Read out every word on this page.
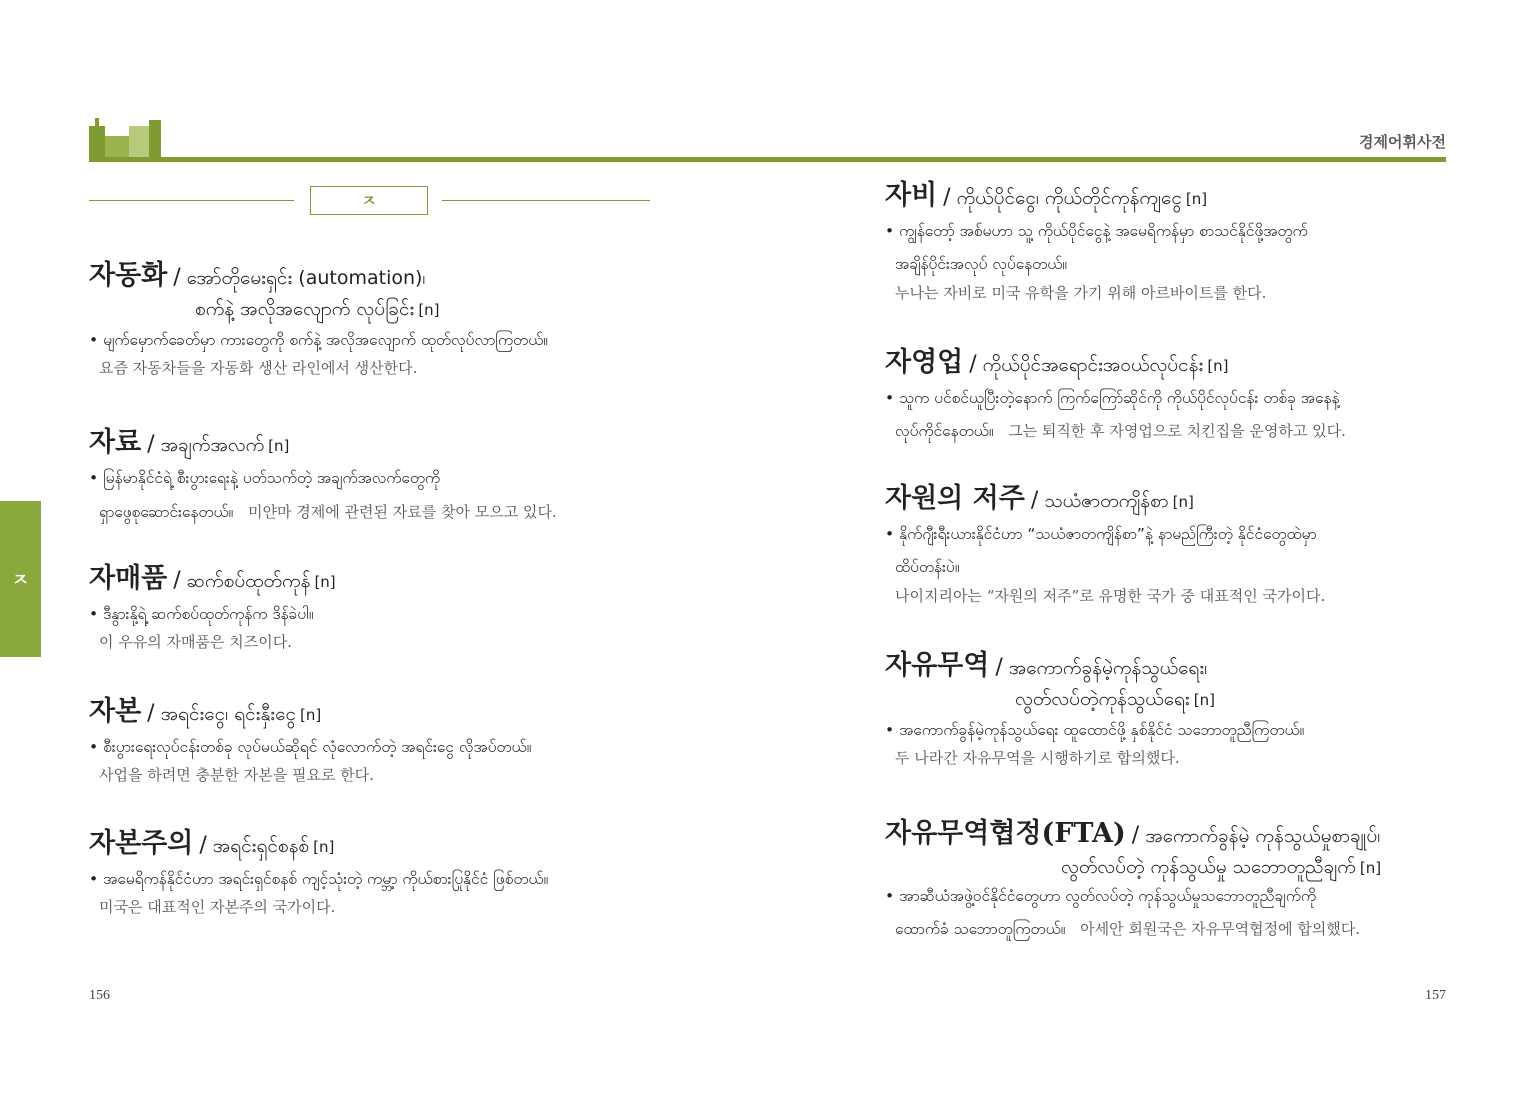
경제어휘사전
ㅈ
ㅈ
자동화 / အော်တိုမေးရှင်း (automation)၊
စက်နဲ့ အလိုအလျောက် လုပ်ခြင်း [n]
• မျက်မှောက်ခေတ်မှာ ကားတွေကို စက်နဲ့ အလိုအလျောက် ထုတ်လုပ်လာကြတယ်။
요즘 자동차들을 자동화 생산 라인에서 생산한다.
자료 / အချက်အလက် [n]
• မြန်မာနိုင်ငံရဲ့ စီးပွားရေးနဲ့ ပတ်သက်တဲ့ အချက်အလက်တွေကို
ရှာဖွေစုဆောင်းနေတယ်။ 미얀마 경제에 관련된 자료를 찾아 모으고 있다.
자매품 / ဆက်စပ်ထုတ်ကုန် [n]
• ဒီနွားနို့ရဲ့ ဆက်စပ်ထုတ်ကုန်က ဒိန်ခဲပါ။
이 우유의 자매품은 치즈이다.
자본 / အရင်းငွေ၊ ရင်းနှီးငွေ [n]
• စီးပွားရေးလုပ်ငန်းတစ်ခု လုပ်မယ်ဆိုရင် လုံလောက်တဲ့ အရင်းငွေ လိုအပ်တယ်။
사업을 하려면 충분한 자본을 필요로 한다.
자본주의 / အရင်းရှင်စနစ် [n]
• အမေရိကန်နိုင်ငံဟာ အရင်းရှင်စနစ် ကျင့်သုံးတဲ့ ကမ္ဘာ့ ကိုယ်စားပြုနိုင်ငံ ဖြစ်တယ်။
미국은 대표적인 자본주의 국가이다.
자비 / ကိုယ်ပိုင်ငွေ၊ ကိုယ်တိုင်ကုန်ကျငွေ [n]
• ကျွန်တော့် အစ်မဟာ သူ့ ကိုယ်ပိုင်ငွေနဲ့ အမေရိကန်မှာ စာသင်နိုင်ဖို့အတွက်
အချိန်ပိုင်းအလုပ် လုပ်နေတယ်။
누나는 자비로 미국 유학을 가기 위해 아르바이트를 한다.
자영업 / ကိုယ်ပိုင်အရောင်းအဝယ်လုပ်ငန်း [n]
• သူက ပင်စင်ယူပြီးတဲ့နောက် ကြက်ကြော်ဆိုင်ကို ကိုယ်ပိုင်လုပ်ငန်း တစ်ခု အနေနဲ့
လုပ်ကိုင်နေတယ်။ 그는 퇴직한 후 자영업으로 치킨집을 운영하고 있다.
자원의 저주 / သယံဇာတကျိန်စာ [n]
• နိုက်ဂျီးရီးယားနိုင်ငံဟာ “သယံဇာတကျိန်စာ”နဲ့ နာမည်ကြီးတဲ့ နိုင်ငံတွေထဲမှာ
ထိပ်တန်းပဲ။
나이지리아는 “자원의 저주”로 유명한 국가 중 대표적인 국가이다.
자유무역 / အကောက်ခွန်မဲ့ကုန်သွယ်ရေး၊
လွတ်လပ်တဲ့ကုန်သွယ်ရေး [n]
• အကောက်ခွန်မဲ့ကုန်သွယ်ရေး ထူထောင်ဖို့ နှစ်နိုင်ငံ သဘောတူညီကြတယ်။
두 나라간 자유무역을 시행하기로 합의했다.
자유무역협정(FTA) / အကောက်ခွန်မဲ့ ကုန်သွယ်မှုစာချုပ်၊
လွတ်လပ်တဲ့ ကုန်သွယ်မှု သဘောတူညီချက် [n]
• အာဆီယံအဖွဲ့ဝင်နိုင်ငံတွေဟာ လွတ်လပ်တဲ့ ကုန်သွယ်မှုသဘောတူညီချက်ကို
ထောက်ခံ သဘောတူကြတယ်။ 아세안 회원국은 자유무역협정에 합의했다.
156	157
